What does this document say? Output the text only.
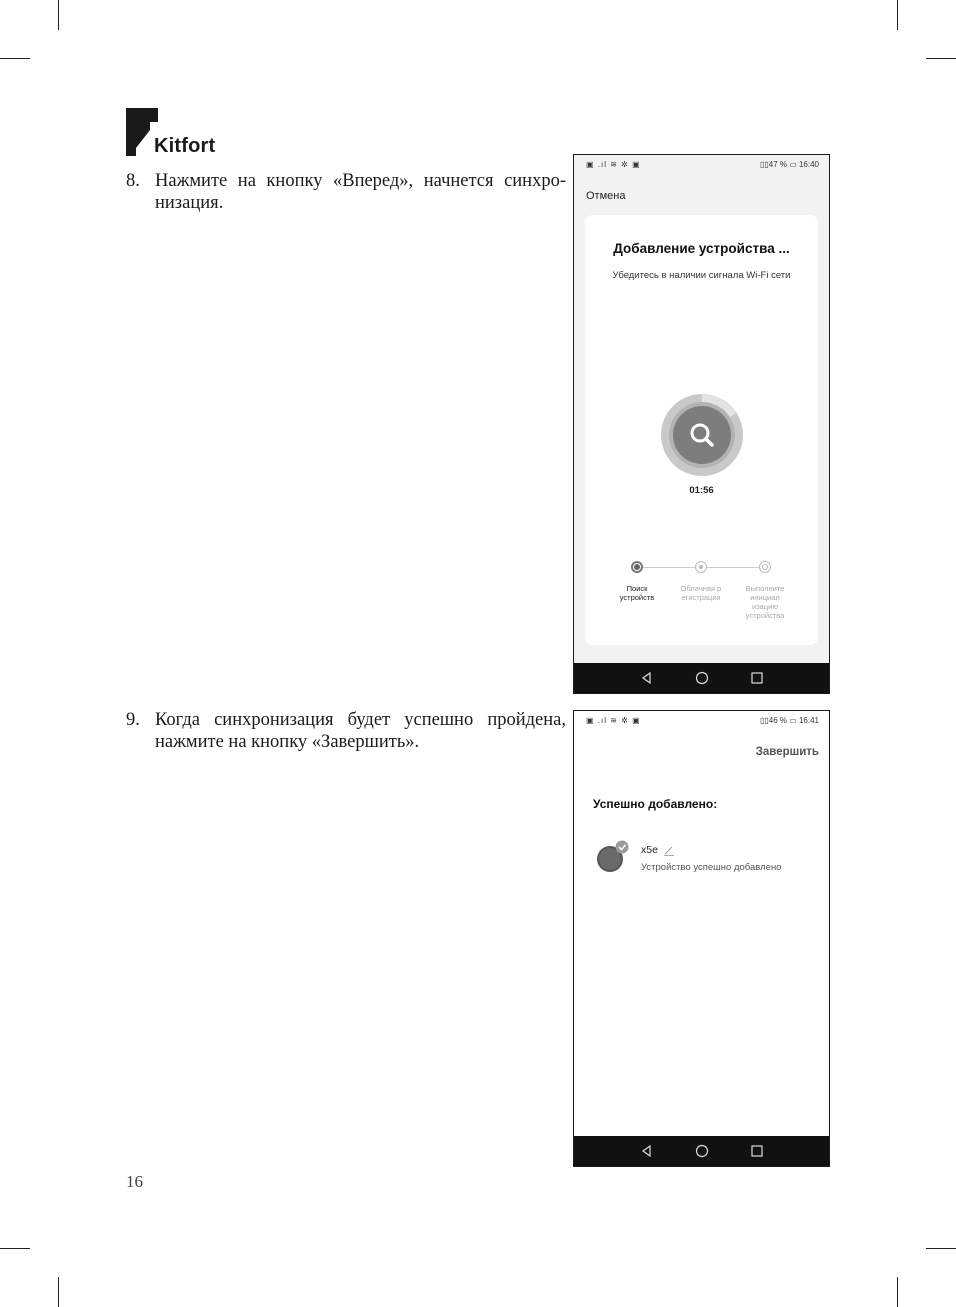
Kitfort
8. Нажмите на кнопку «Вперед», начнется синхронизация.
9. Когда синхронизация будет успешно пройдена, нажмите на кнопку «Завершить».
▣ .ıl ≋ ✲ ▣	▯▯47 % ▭ 16:40
Отмена
Добавление устройства ...
Убедитесь в наличии сигнала Wi-Fi сети
01:56
Поиск устройств
Облачная р егистрация
Выполните инициал изацию устройства
▣ .ıl ≋ ✲ ▣	▯▯46 % ▭ 16:41
Завершить
Успешно добавлено:
x5e
Устройство успешно добавлено
16
